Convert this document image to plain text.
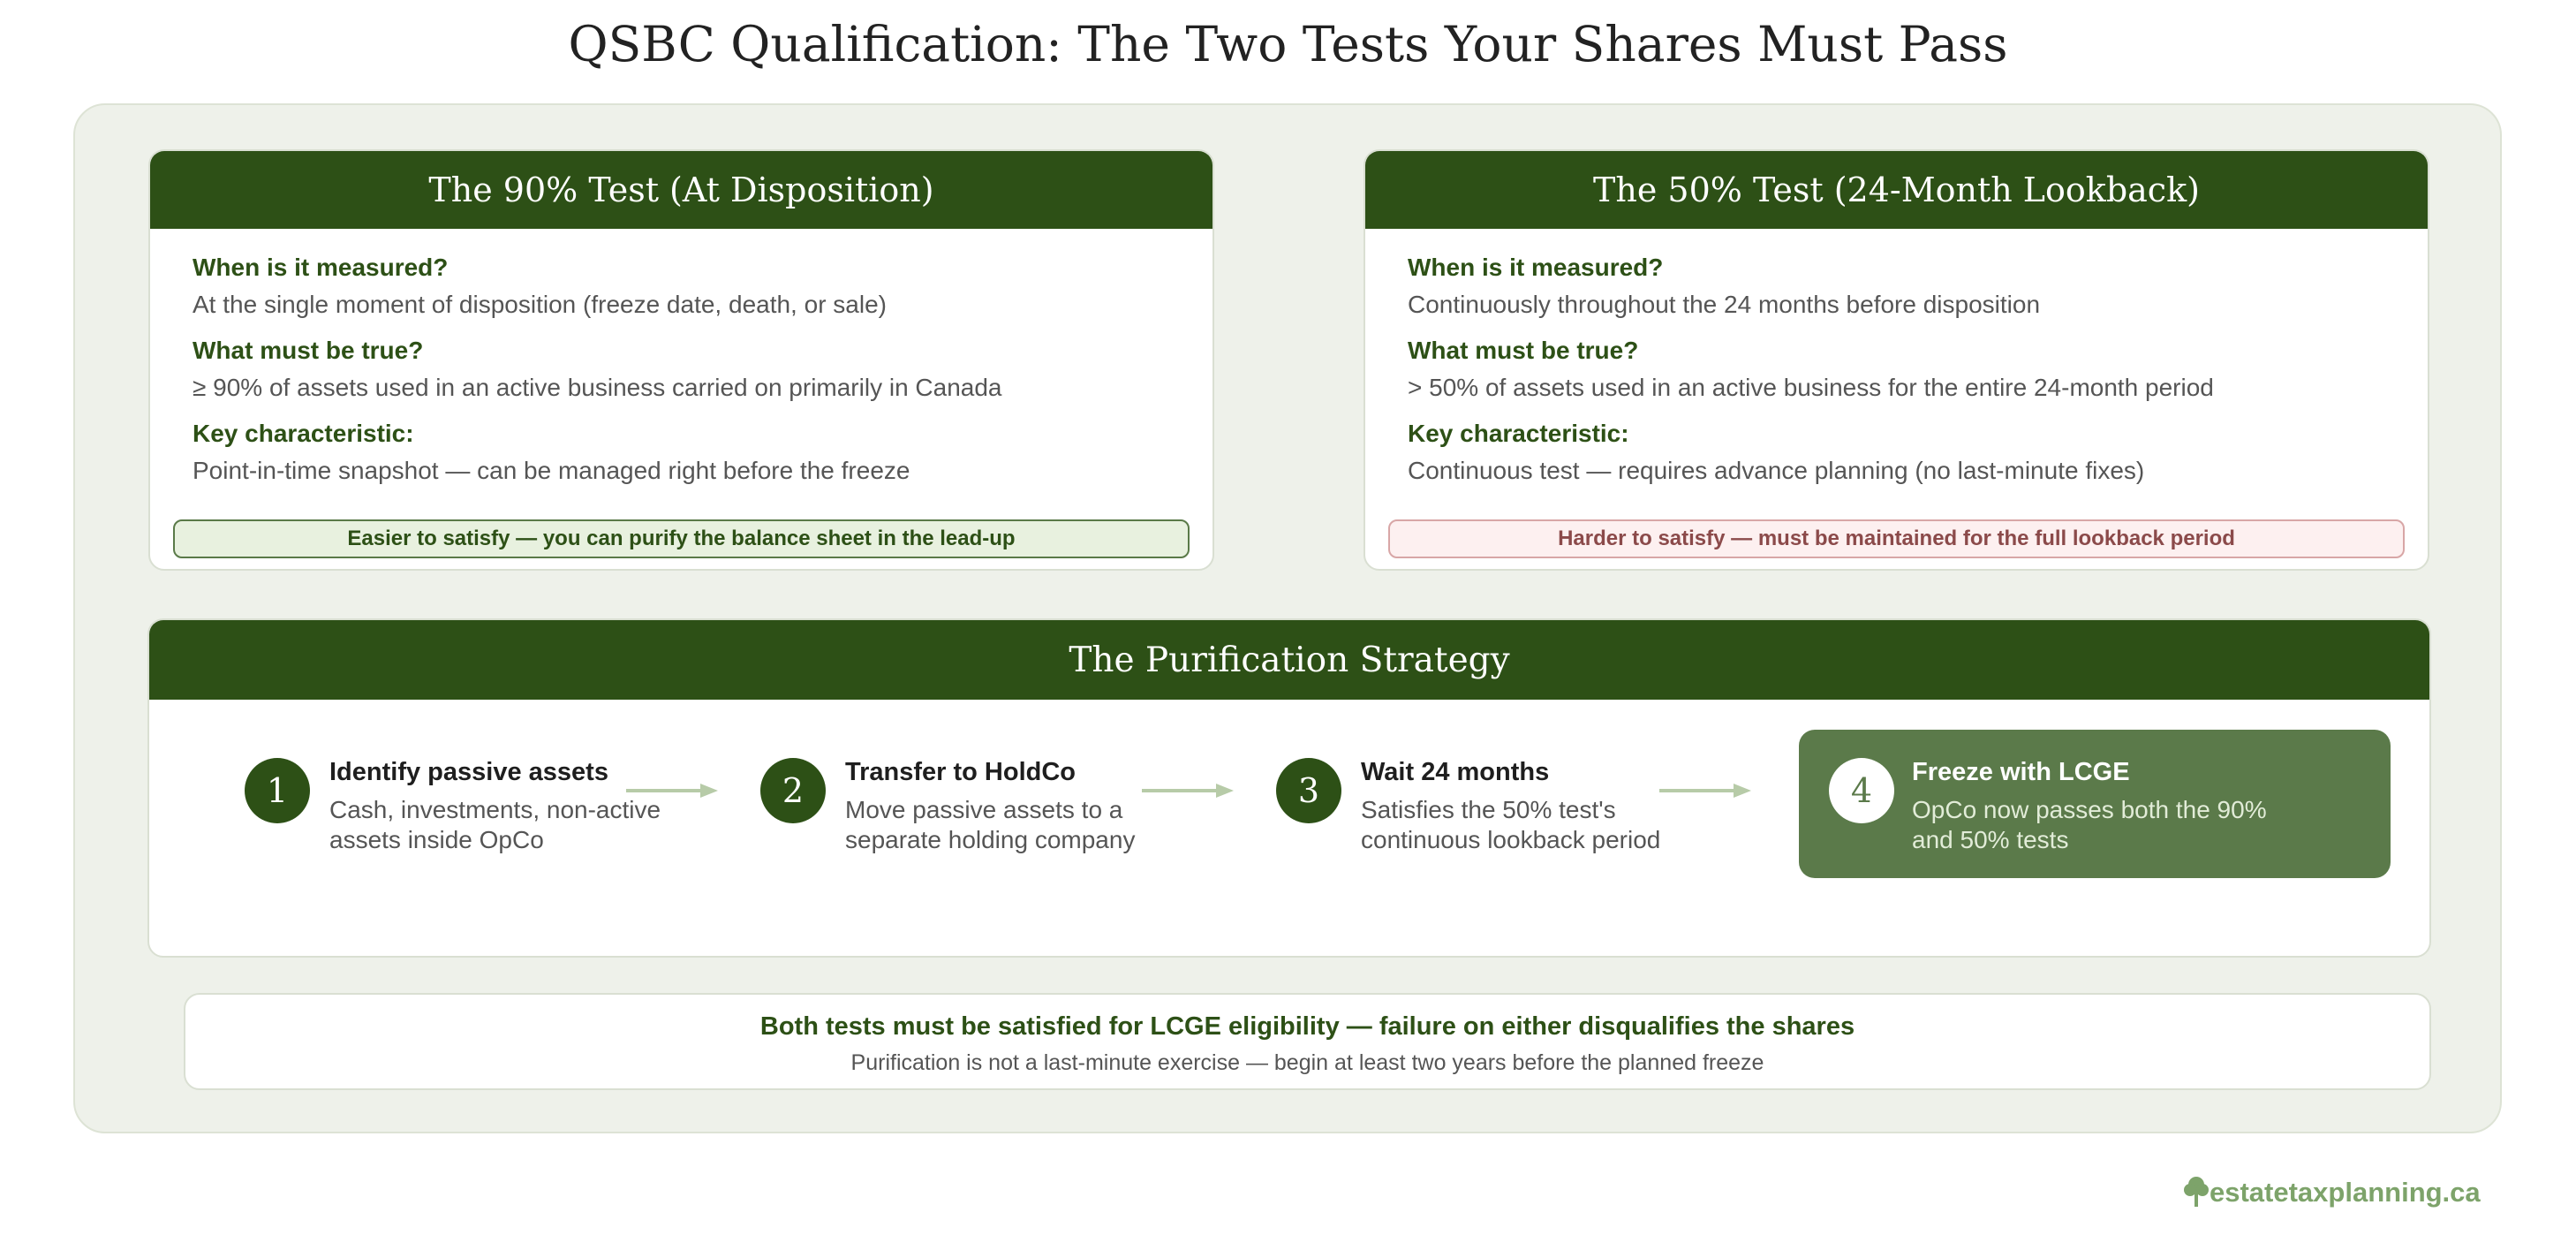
QSBC Qualification: The Two Tests Your Shares Must Pass
The 90% Test (At Disposition)
When is it measured?
At the single moment of disposition (freeze date, death, or sale)
What must be true?
≥ 90% of assets used in an active business carried on primarily in Canada
Key characteristic:
Point-in-time snapshot — can be managed right before the freeze
Easier to satisfy — you can purify the balance sheet in the lead-up
The 50% Test (24-Month Lookback)
When is it measured?
Continuously throughout the 24 months before disposition
What must be true?
> 50% of assets used in an active business for the entire 24-month period
Key characteristic:
Continuous test — requires advance planning (no last-minute fixes)
Harder to satisfy — must be maintained for the full lookback period
The Purification Strategy
1	Identify passive assets
Cash, investments, non-active assets inside OpCo
2	Transfer to HoldCo
Move passive assets to a separate holding company
3	Wait 24 months
Satisfies the 50% test's continuous lookback period
4	Freeze with LCGE
OpCo now passes both the 90% and 50% tests
Both tests must be satisfied for LCGE eligibility — failure on either disqualifies the shares
Purification is not a last-minute exercise — begin at least two years before the planned freeze
estatetaxplanning.ca
